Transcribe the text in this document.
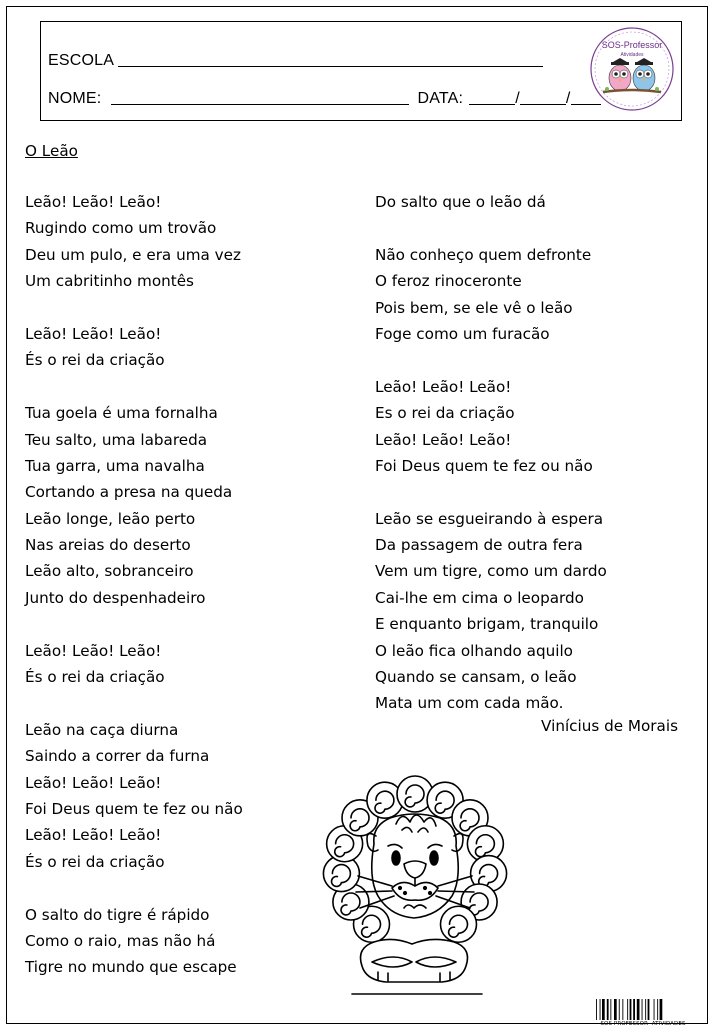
ESCOLA
NOME:	DATA:	/	/
SOS-Professor
Atividades
O Leão
Leão! Leão! Leão!
Rugindo como um trovão
Deu um pulo, e era uma vez
Um cabritinho montês
Leão! Leão! Leão!
És o rei da criação
Tua goela é uma fornalha
Teu salto, uma labareda
Tua garra, uma navalha
Cortando a presa na queda
Leão longe, leão perto
Nas areias do deserto
Leão alto, sobranceiro
Junto do despenhadeiro
Leão! Leão! Leão!
És o rei da criação
Leão na caça diurna
Saindo a correr da furna
Leão! Leão! Leão!
Foi Deus quem te fez ou não
Leão! Leão! Leão!
És o rei da criação
O salto do tigre é rápido
Como o raio, mas não há
Tigre no mundo que escape
Do salto que o leão dá
Não conheço quem defronte
O feroz rinoceronte
Pois bem, se ele vê o leão
Foge como um furacão
Leão! Leão! Leão!
Es o rei da criação
Leão! Leão! Leão!
Foi Deus quem te fez ou não
Leão se esgueirando à espera
Da passagem de outra fera
Vem um tigre, como um dardo
Cai-lhe em cima o leopardo
E enquanto brigam, tranquilo
O leão fica olhando aquilo
Quando se cansam, o leão
Mata um com cada mão.
Vinícius de Morais
SOS PROFESSOR- ATIVIDADES
